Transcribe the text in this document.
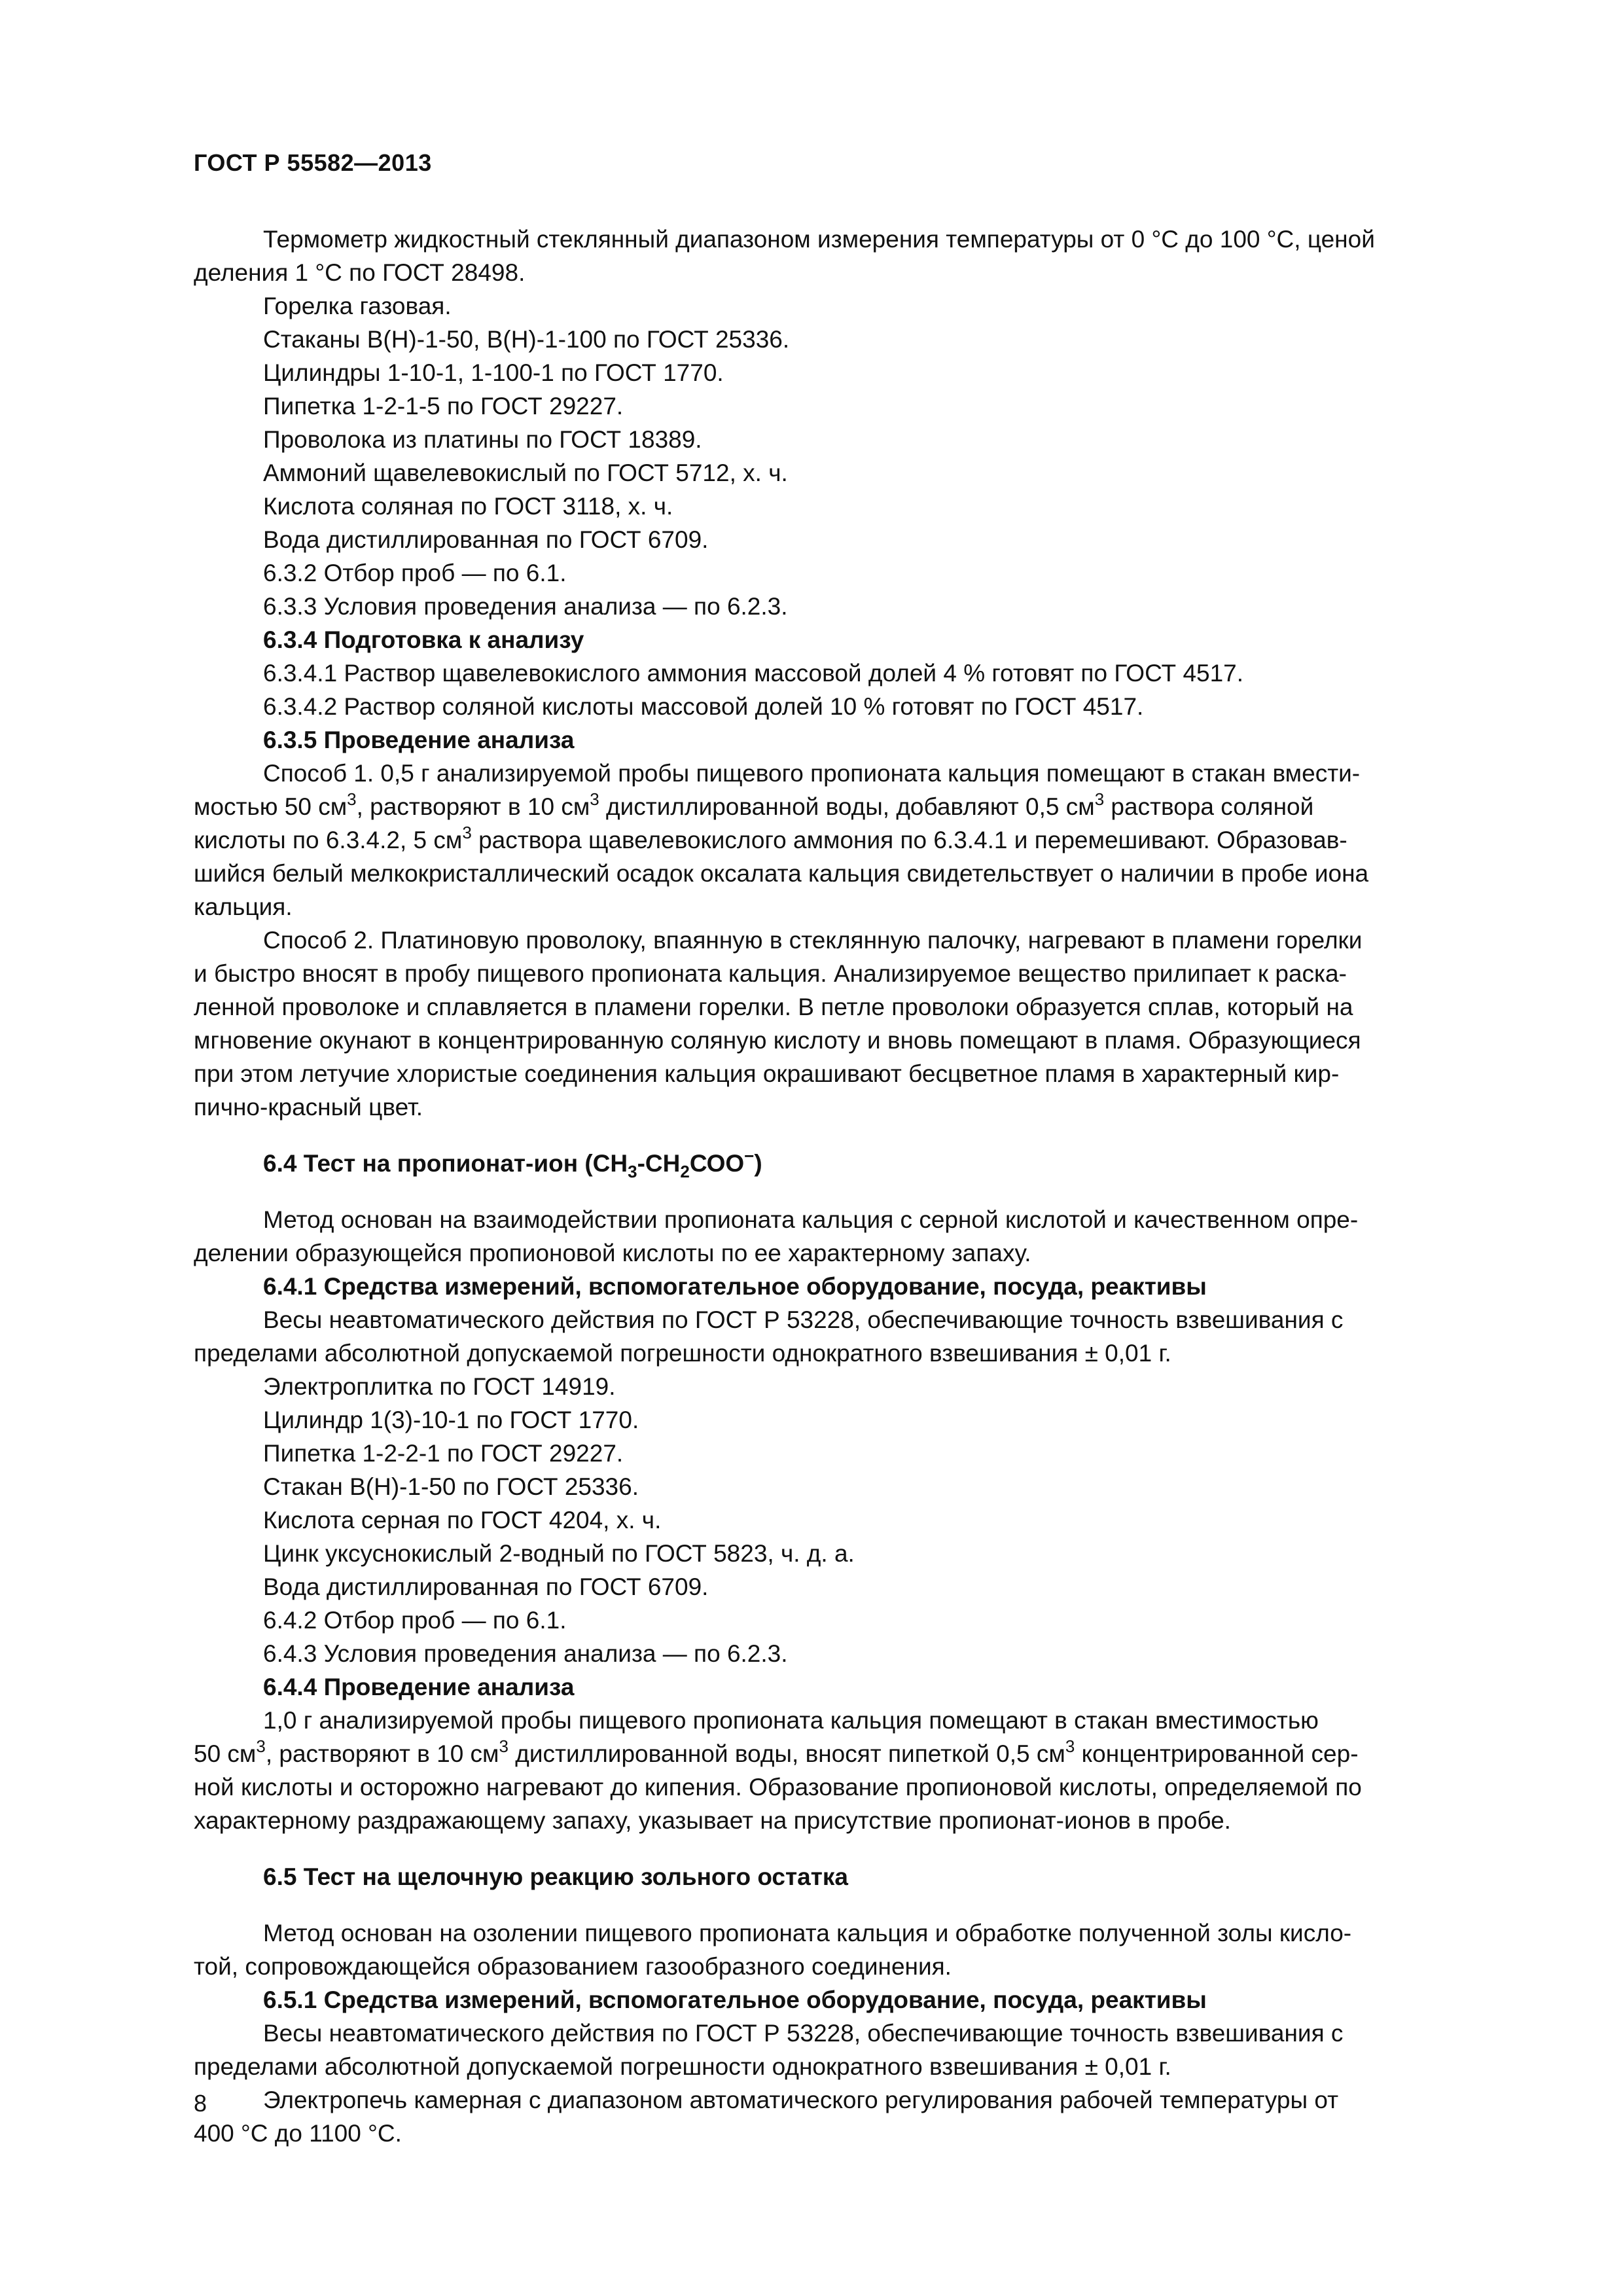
ГОСТ Р 55582—2013

Термометр жидкостный стеклянный диапазоном измерения температуры от 0 °С до 100 °С, ценой

деления 1 °С по ГОСТ 28498.

Горелка газовая.

Стаканы В(Н)-1-50, В(Н)-1-100 по ГОСТ 25336.

Цилиндры 1-10-1, 1-100-1 по ГОСТ 1770.

Пипетка 1-2-1-5 по ГОСТ 29227.

Проволока из платины по ГОСТ 18389.

Аммоний щавелевокислый по ГОСТ 5712, х. ч.

Кислота соляная по ГОСТ 3118, х. ч.

Вода дистиллированная по ГОСТ 6709.

6.3.2 Отбор проб — по 6.1.

6.3.3 Условия проведения анализа — по 6.2.3.

6.3.4 Подготовка к анализу

6.3.4.1 Раствор щавелевокислого аммония массовой долей 4 % готовят по ГОСТ 4517.

6.3.4.2 Раствор соляной кислоты массовой долей 10 % готовят по ГОСТ 4517.

6.3.5 Проведение анализа

Способ 1. 0,5 г анализируемой пробы пищевого пропионата кальция помещают в стакан вмести-

мостью 50 $см^3$, растворяют в 10 $см^3$ дистиллированной воды, добавляют 0,5 $см^3$ раствора соляной

кислоты по 6.3.4.2, 5 $см^3$ раствора щавелевокислого аммония по 6.3.4.1 и перемешивают. Образовав-

шийся белый мелкокристаллический осадок оксалата кальция свидетельствует о наличии в пробе иона

кальция.

Способ 2. Платиновую проволоку, впаянную в стеклянную палочку, нагревают в пламени горелки

и быстро вносят в пробу пищевого пропионата кальция. Анализируемое вещество прилипает к раска-

ленной проволоке и сплавляется в пламени горелки. В петле проволоки образуется сплав, который на

мгновение окунают в концентрированную соляную кислоту и вновь помещают в пламя. Образующиеся

при этом летучие хлористые соединения кальция окрашивают бесцветное пламя в характерный кир-

пично-красный цвет.

6.4 Тест на пропионат-ион $(СН_3-СН_2СОО^-)$

Метод основан на взаимодействии пропионата кальция с серной кислотой и качественном опре-

делении образующейся пропионовой кислоты по ее характерному запаху.

6.4.1 Средства измерений, вспомогательное оборудование, посуда, реактивы

Весы неавтоматического действия по ГОСТ Р 53228, обеспечивающие точность взвешивания с

пределами абсолютной допускаемой погрешности однократного взвешивания ± 0,01 г.

Электроплитка по ГОСТ 14919.

Цилиндр 1(3)-10-1 по ГОСТ 1770.

Пипетка 1-2-2-1 по ГОСТ 29227.

Стакан В(Н)-1-50 по ГОСТ 25336.

Кислота серная по ГОСТ 4204, х. ч.

Цинк уксуснокислый 2-водный по ГОСТ 5823, ч. д. а.

Вода дистиллированная по ГОСТ 6709.

6.4.2 Отбор проб — по 6.1.

6.4.3 Условия проведения анализа — по 6.2.3.

6.4.4 Проведение анализа

1,0 г анализируемой пробы пищевого пропионата кальция помещают в стакан вместимостью

50 $см^3$, растворяют в 10 $см^3$ дистиллированной воды, вносят пипеткой 0,5 $см^3$ концентрированной сер-

ной кислоты и осторожно нагревают до кипения. Образование пропионовой кислоты, определяемой по

характерному раздражающему запаху, указывает на присутствие пропионат-ионов в пробе.

6.5 Тест на щелочную реакцию зольного остатка

Метод основан на озолении пищевого пропионата кальция и обработке полученной золы кисло-

той, сопровождающейся образованием газообразного соединения.

6.5.1 Средства измерений, вспомогательное оборудование, посуда, реактивы

Весы неавтоматического действия по ГОСТ Р 53228, обеспечивающие точность взвешивания с

пределами абсолютной допускаемой погрешности однократного взвешивания ± 0,01 г.

Электропечь камерная с диапазоном автоматического регулирования рабочей температуры от

400 °С до 1100 °С.

8
